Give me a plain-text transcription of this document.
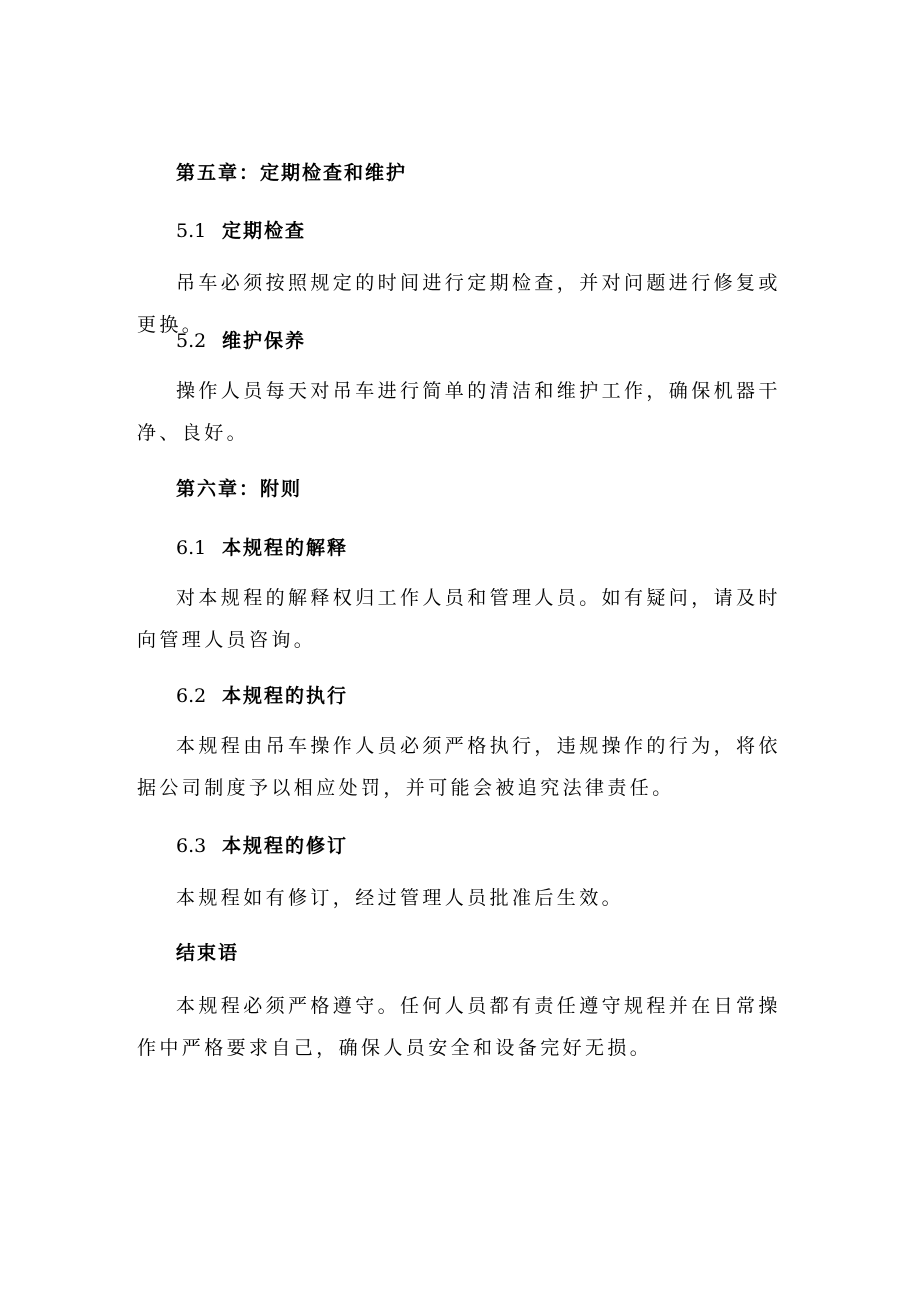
第五章：定期检查和维护
5.1 定期检查
吊车必须按照规定的时间进行定期检查，并对问题进行修复或更换。
5.2 维护保养
操作人员每天对吊车进行简单的清洁和维护工作，确保机器干净、良好。
第六章：附则
6.1 本规程的解释
对本规程的解释权归工作人员和管理人员。如有疑问，请及时向管理人员咨询。
6.2 本规程的执行
本规程由吊车操作人员必须严格执行，违规操作的行为，将依据公司制度予以相应处罚，并可能会被追究法律责任。
6.3 本规程的修订
本规程如有修订，经过管理人员批准后生效。
结束语
本规程必须严格遵守。任何人员都有责任遵守规程并在日常操作中严格要求自己，确保人员安全和设备完好无损。
